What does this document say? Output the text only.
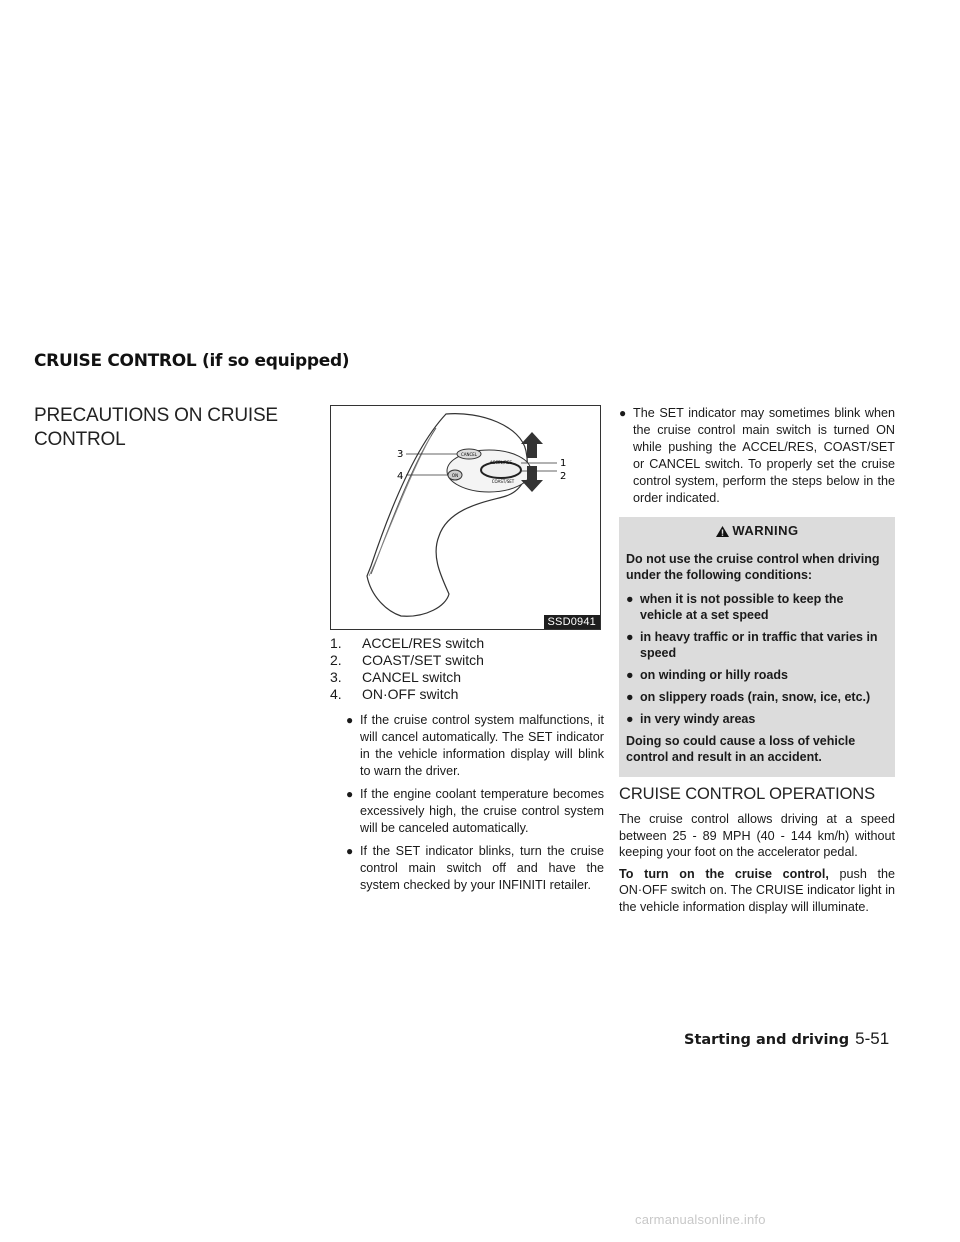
CRUISE CONTROL (if so equipped)
PRECAUTIONS ON CRUISE CONTROL
CANCEL
ACCEL/RES
COAST/SET
ON
3
4
1
2
SSD0941
1.	ACCEL/RES switch
2.	COAST/SET switch
3.	CANCEL switch
4.	ON·OFF switch
● If the cruise control system malfunctions, it will cancel automatically. The SET indicator in the vehicle information display will blink to warn the driver.
● If the engine coolant temperature becomes excessively high, the cruise control system will be canceled automatically.
● If the SET indicator blinks, turn the cruise control main switch off and have the system checked by your INFINITI retailer.
● The SET indicator may sometimes blink when the cruise control main switch is turned ON while pushing the ACCEL/RES, COAST/SET or CANCEL switch. To properly set the cruise control system, perform the steps below in the order indicated.
WARNING

Do not use the cruise control when driving under the following conditions:

● when it is not possible to keep the vehicle at a set speed
● in heavy traffic or in traffic that varies in speed
● on winding or hilly roads
● on slippery roads (rain, snow, ice, etc.)
● in very windy areas

Doing so could cause a loss of vehicle control and result in an accident.

CRUISE CONTROL OPERATIONS
The cruise control allows driving at a speed between 25 - 89 MPH (40 - 144 km/h) without keeping your foot on the accelerator pedal.
To turn on the cruise control, push the ON·OFF switch on. The CRUISE indicator light in the vehicle information display will illuminate.
Starting and driving 5-51
carmanualsonline.info
